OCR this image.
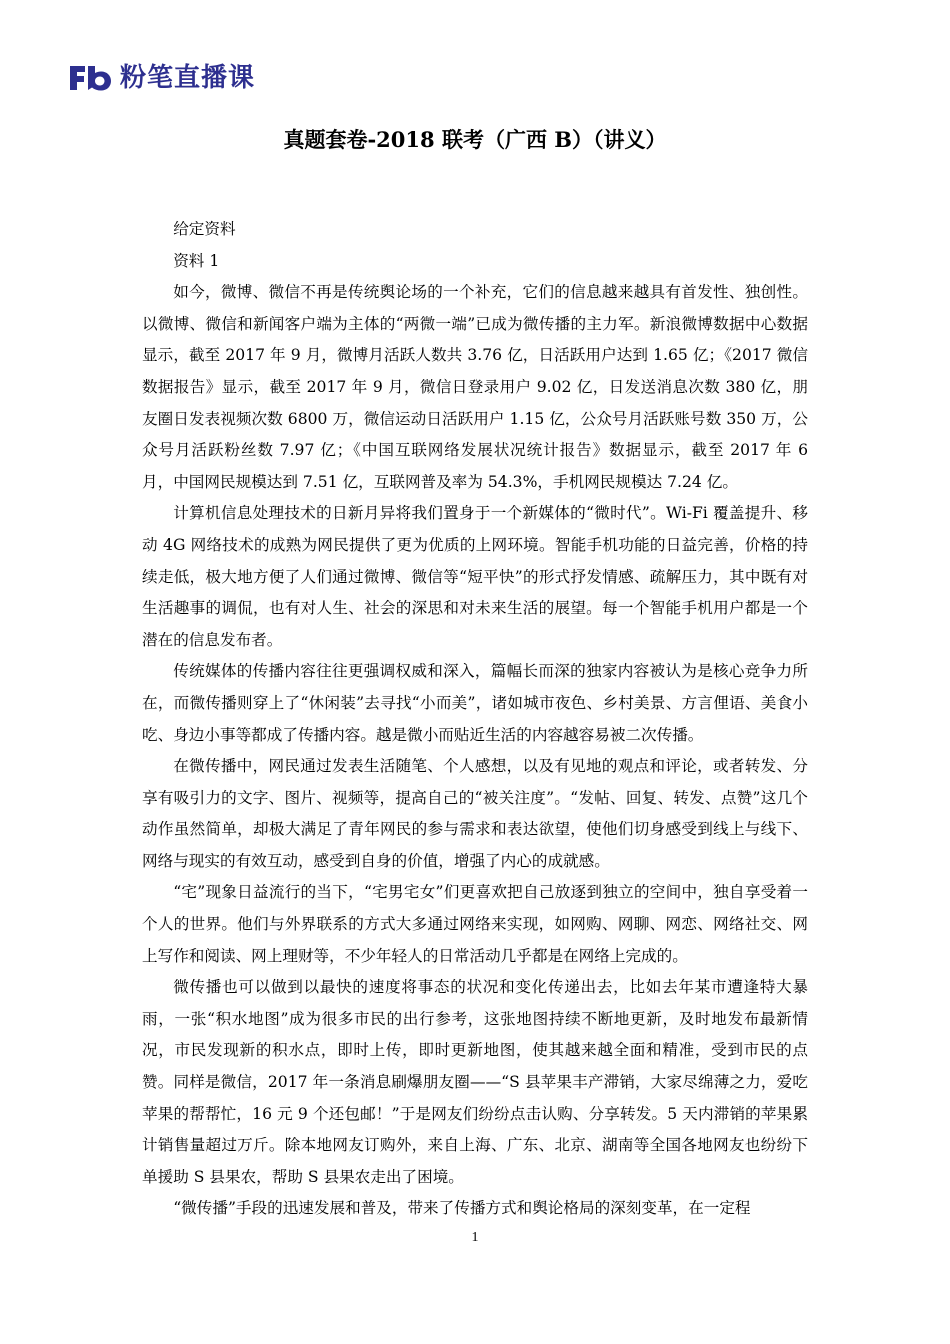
粉笔直播课
真题套卷-2018 联考（广西 B）（讲义）

给定资料

资料 1

如今，微博、微信不再是传统舆论场的一个补充，它们的信息越来越具有首发性、独创性。以微博、微信和新闻客户端为主体的“两微一端”已成为微传播的主力军。新浪微博数据中心数据显示，截至 2017 年 9 月，微博月活跃人数共 3.76 亿，日活跃用户达到 1.65 亿；《2017 微信数据报告》显示，截至 2017 年 9 月，微信日登录用户 9.02 亿，日发送消息次数 380 亿，朋友圈日发表视频次数 6800 万，微信运动日活跃用户 1.15 亿，公众号月活跃账号数 350 万，公众号月活跃粉丝数 7.97 亿；《中国互联网络发展状况统计报告》数据显示，截至 2017 年 6 月，中国网民规模达到 7.51 亿，互联网普及率为 54.3%，手机网民规模达 7.24 亿。

计算机信息处理技术的日新月异将我们置身于一个新媒体的“微时代”。Wi-Fi 覆盖提升、移动 4G 网络技术的成熟为网民提供了更为优质的上网环境。智能手机功能的日益完善，价格的持续走低，极大地方便了人们通过微博、微信等“短平快”的形式抒发情感、疏解压力，其中既有对生活趣事的调侃，也有对人生、社会的深思和对未来生活的展望。每一个智能手机用户都是一个潜在的信息发布者。

传统媒体的传播内容往往更强调权威和深入，篇幅长而深的独家内容被认为是核心竞争力所在，而微传播则穿上了“休闲装”去寻找“小而美”，诸如城市夜色、乡村美景、方言俚语、美食小吃、身边小事等都成了传播内容。越是微小而贴近生活的内容越容易被二次传播。

在微传播中，网民通过发表生活随笔、个人感想，以及有见地的观点和评论，或者转发、分享有吸引力的文字、图片、视频等，提高自己的“被关注度”。“发帖、回复、转发、点赞”这几个动作虽然简单，却极大满足了青年网民的参与需求和表达欲望，使他们切身感受到线上与线下、网络与现实的有效互动，感受到自身的价值，增强了内心的成就感。

“宅”现象日益流行的当下，“宅男宅女”们更喜欢把自己放逐到独立的空间中，独自享受着一个人的世界。他们与外界联系的方式大多通过网络来实现，如网购、网聊、网恋、网络社交、网上写作和阅读、网上理财等，不少年轻人的日常活动几乎都是在网络上完成的。

微传播也可以做到以最快的速度将事态的状况和变化传递出去，比如去年某市遭逢特大暴雨，一张“积水地图”成为很多市民的出行参考，这张地图持续不断地更新，及时地发布最新情况，市民发现新的积水点，即时上传，即时更新地图，使其越来越全面和精准，受到市民的点赞。同样是微信，2017 年一条消息刷爆朋友圈——“S 县苹果丰产滞销，大家尽绵薄之力，爱吃苹果的帮帮忙，16 元 9 个还包邮！”于是网友们纷纷点击认购、分享转发。5 天内滞销的苹果累计销售量超过万斤。除本地网友订购外，来自上海、广东、北京、湖南等全国各地网友也纷纷下单援助 S 县果农，帮助 S 县果农走出了困境。

“微传播”手段的迅速发展和普及，带来了传播方式和舆论格局的深刻变革，在一定程

1
